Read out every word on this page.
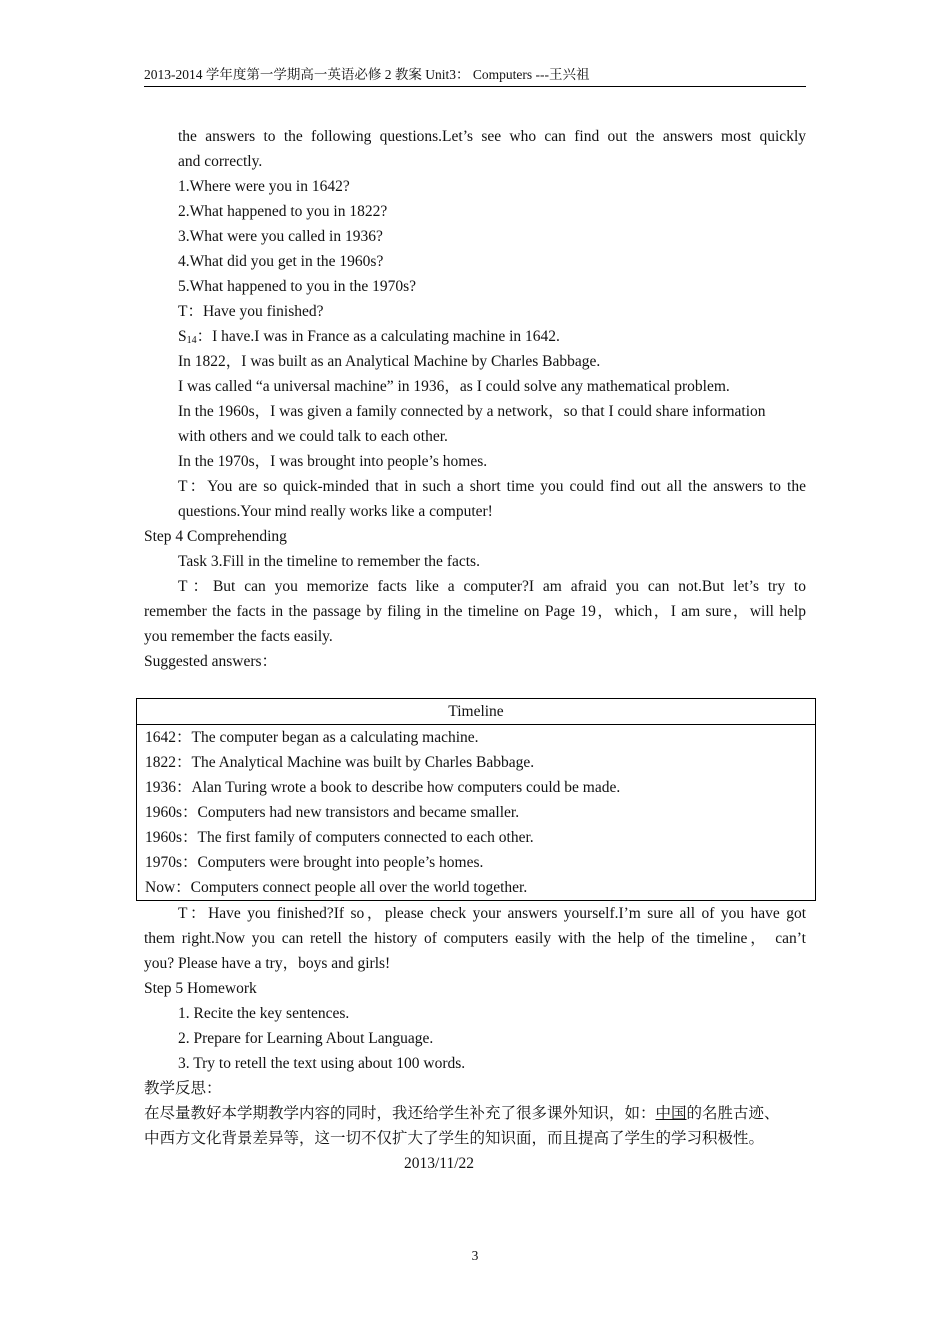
2013-2014 学年度第一学期高一英语必修 2 教案 Unit3： Computers ---王兴祖
the answers to the following questions.Let’s see who can find out the answers most quickly
and correctly.
1.Where were you in 1642?
2.What happened to you in 1822?
3.What were you called in 1936?
4.What did you get in the 1960s?
5.What happened to you in the 1970s?
T：Have you finished?
$S_{14}$：I have.I was in France as a calculating machine in 1642.
In 1822，I was built as an Analytical Machine by Charles Babbage.
I was called “a universal machine” in 1936，as I could solve any mathematical problem.
In the 1960s，I was given a family connected by a network，so that I could share information
with others and we could talk to each other.
In the 1970s，I was brought into people’s homes.
T：You are so quick-minded that in such a short time you could find out all the answers to the
questions.Your mind really works like a computer!
Step 4 Comprehending
Task 3.Fill in the timeline to remember the facts.
T：But can you memorize facts like a computer?I am afraid you can not.But let’s try to
remember the facts in the passage by filing in the timeline on Page 19，which，I am sure，will help
you remember the facts easily.
Suggested answers：
Timeline
1642：The computer began as a calculating machine.
1822：The Analytical Machine was built by Charles Babbage.
1936：Alan Turing wrote a book to describe how computers could be made.
1960s：Computers had new transistors and became smaller.
1960s：The first family of computers connected to each other.
1970s：Computers were brought into people’s homes.
Now：Computers connect people all over the world together.
T：Have you finished?If so，please check your answers yourself.I’m sure all of you have got
them right.Now you can retell the history of computers easily with the help of the timeline， can’t
you? Please have a try，boys and girls!
Step 5 Homework
1. Recite the key sentences.
2. Prepare for Learning About Language.
3. Try to retell the text using about 100 words.
教学反思：
在尽量教好本学期教学内容的同时，我还给学生补充了很多课外知识，如：中国的名胜古迹、
中西方文化背景差异等，这一切不仅扩大了学生的知识面，而且提高了学生的学习积极性。
2013/11/22
3
